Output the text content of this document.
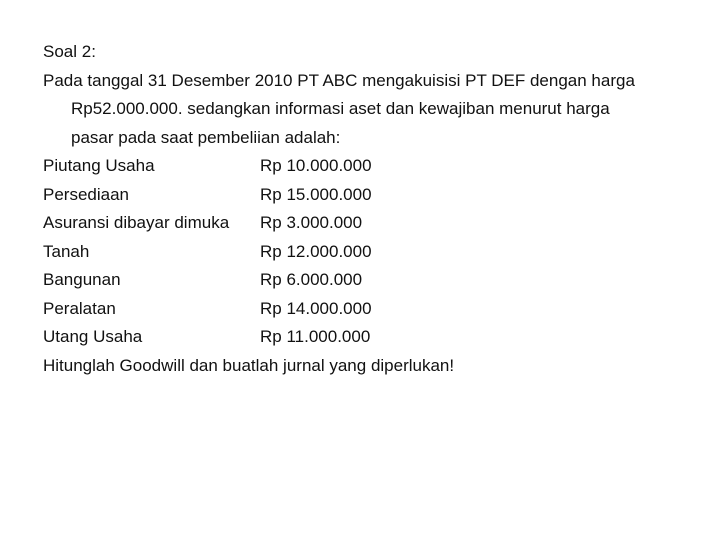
Soal 2:
Pada tanggal 31 Desember 2010 PT ABC mengakuisisi PT DEF dengan harga
Rp52.000.000. sedangkan informasi aset dan kewajiban menurut harga
pasar pada saat pembeliian adalah:
Piutang Usaha	Rp 10.000.000
Persediaan	Rp 15.000.000
Asuransi dibayar dimuka	Rp 3.000.000
Tanah	Rp 12.000.000
Bangunan	Rp 6.000.000
Peralatan	Rp 14.000.000
Utang Usaha	Rp 11.000.000
Hitunglah Goodwill dan buatlah jurnal yang diperlukan!
